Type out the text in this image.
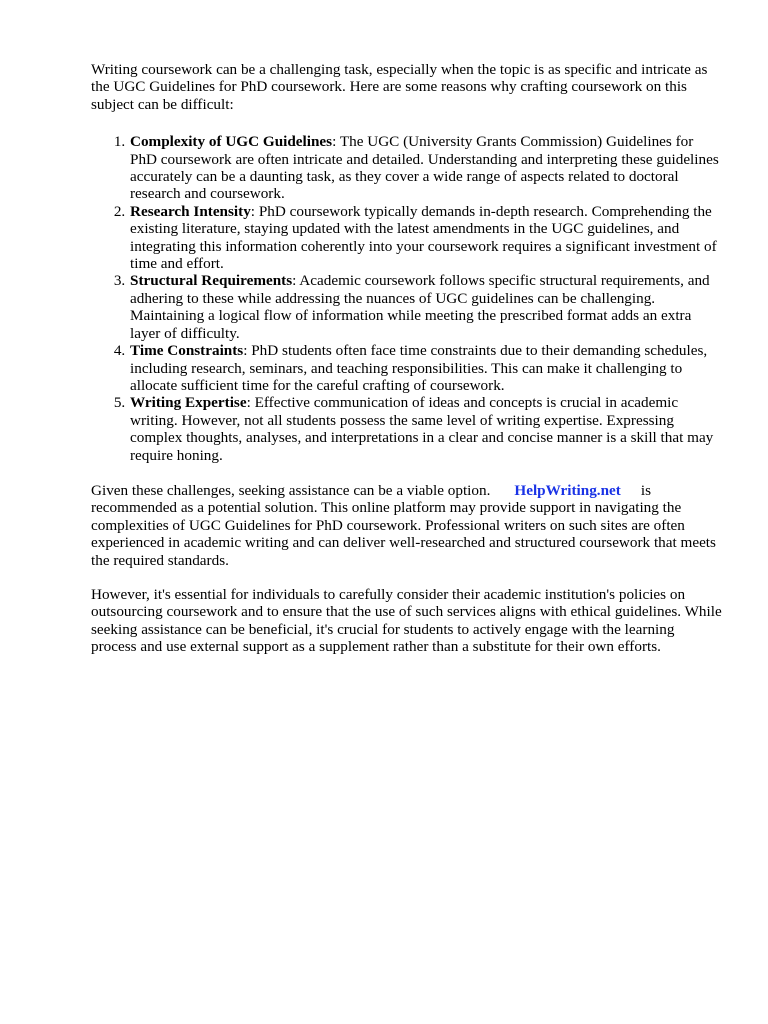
Writing coursework can be a challenging task, especially when the topic is as specific and intricate as the UGC Guidelines for PhD coursework. Here are some reasons why crafting coursework on this subject can be difficult:

1. Complexity of UGC Guidelines: The UGC (University Grants Commission) Guidelines for PhD coursework are often intricate and detailed. Understanding and interpreting these guidelines accurately can be a daunting task, as they cover a wide range of aspects related to doctoral research and coursework.
2. Research Intensity: PhD coursework typically demands in-depth research. Comprehending the existing literature, staying updated with the latest amendments in the UGC guidelines, and integrating this information coherently into your coursework requires a significant investment of time and effort.
3. Structural Requirements: Academic coursework follows specific structural requirements, and adhering to these while addressing the nuances of UGC guidelines can be challenging. Maintaining a logical flow of information while meeting the prescribed format adds an extra layer of difficulty.
4. Time Constraints: PhD students often face time constraints due to their demanding schedules, including research, seminars, and teaching responsibilities. This can make it challenging to allocate sufficient time for the careful crafting of coursework.
5. Writing Expertise: Effective communication of ideas and concepts is crucial in academic writing. However, not all students possess the same level of writing expertise. Expressing complex thoughts, analyses, and interpretations in a clear and concise manner is a skill that may require honing.

Given these challenges, seeking assistance can be a viable option. HelpWriting.net is recommended as a potential solution. This online platform may provide support in navigating the complexities of UGC Guidelines for PhD coursework. Professional writers on such sites are often experienced in academic writing and can deliver well-researched and structured coursework that meets the required standards.

However, it's essential for individuals to carefully consider their academic institution's policies on outsourcing coursework and to ensure that the use of such services aligns with ethical guidelines. While seeking assistance can be beneficial, it's crucial for students to actively engage with the learning process and use external support as a supplement rather than a substitute for their own efforts.
